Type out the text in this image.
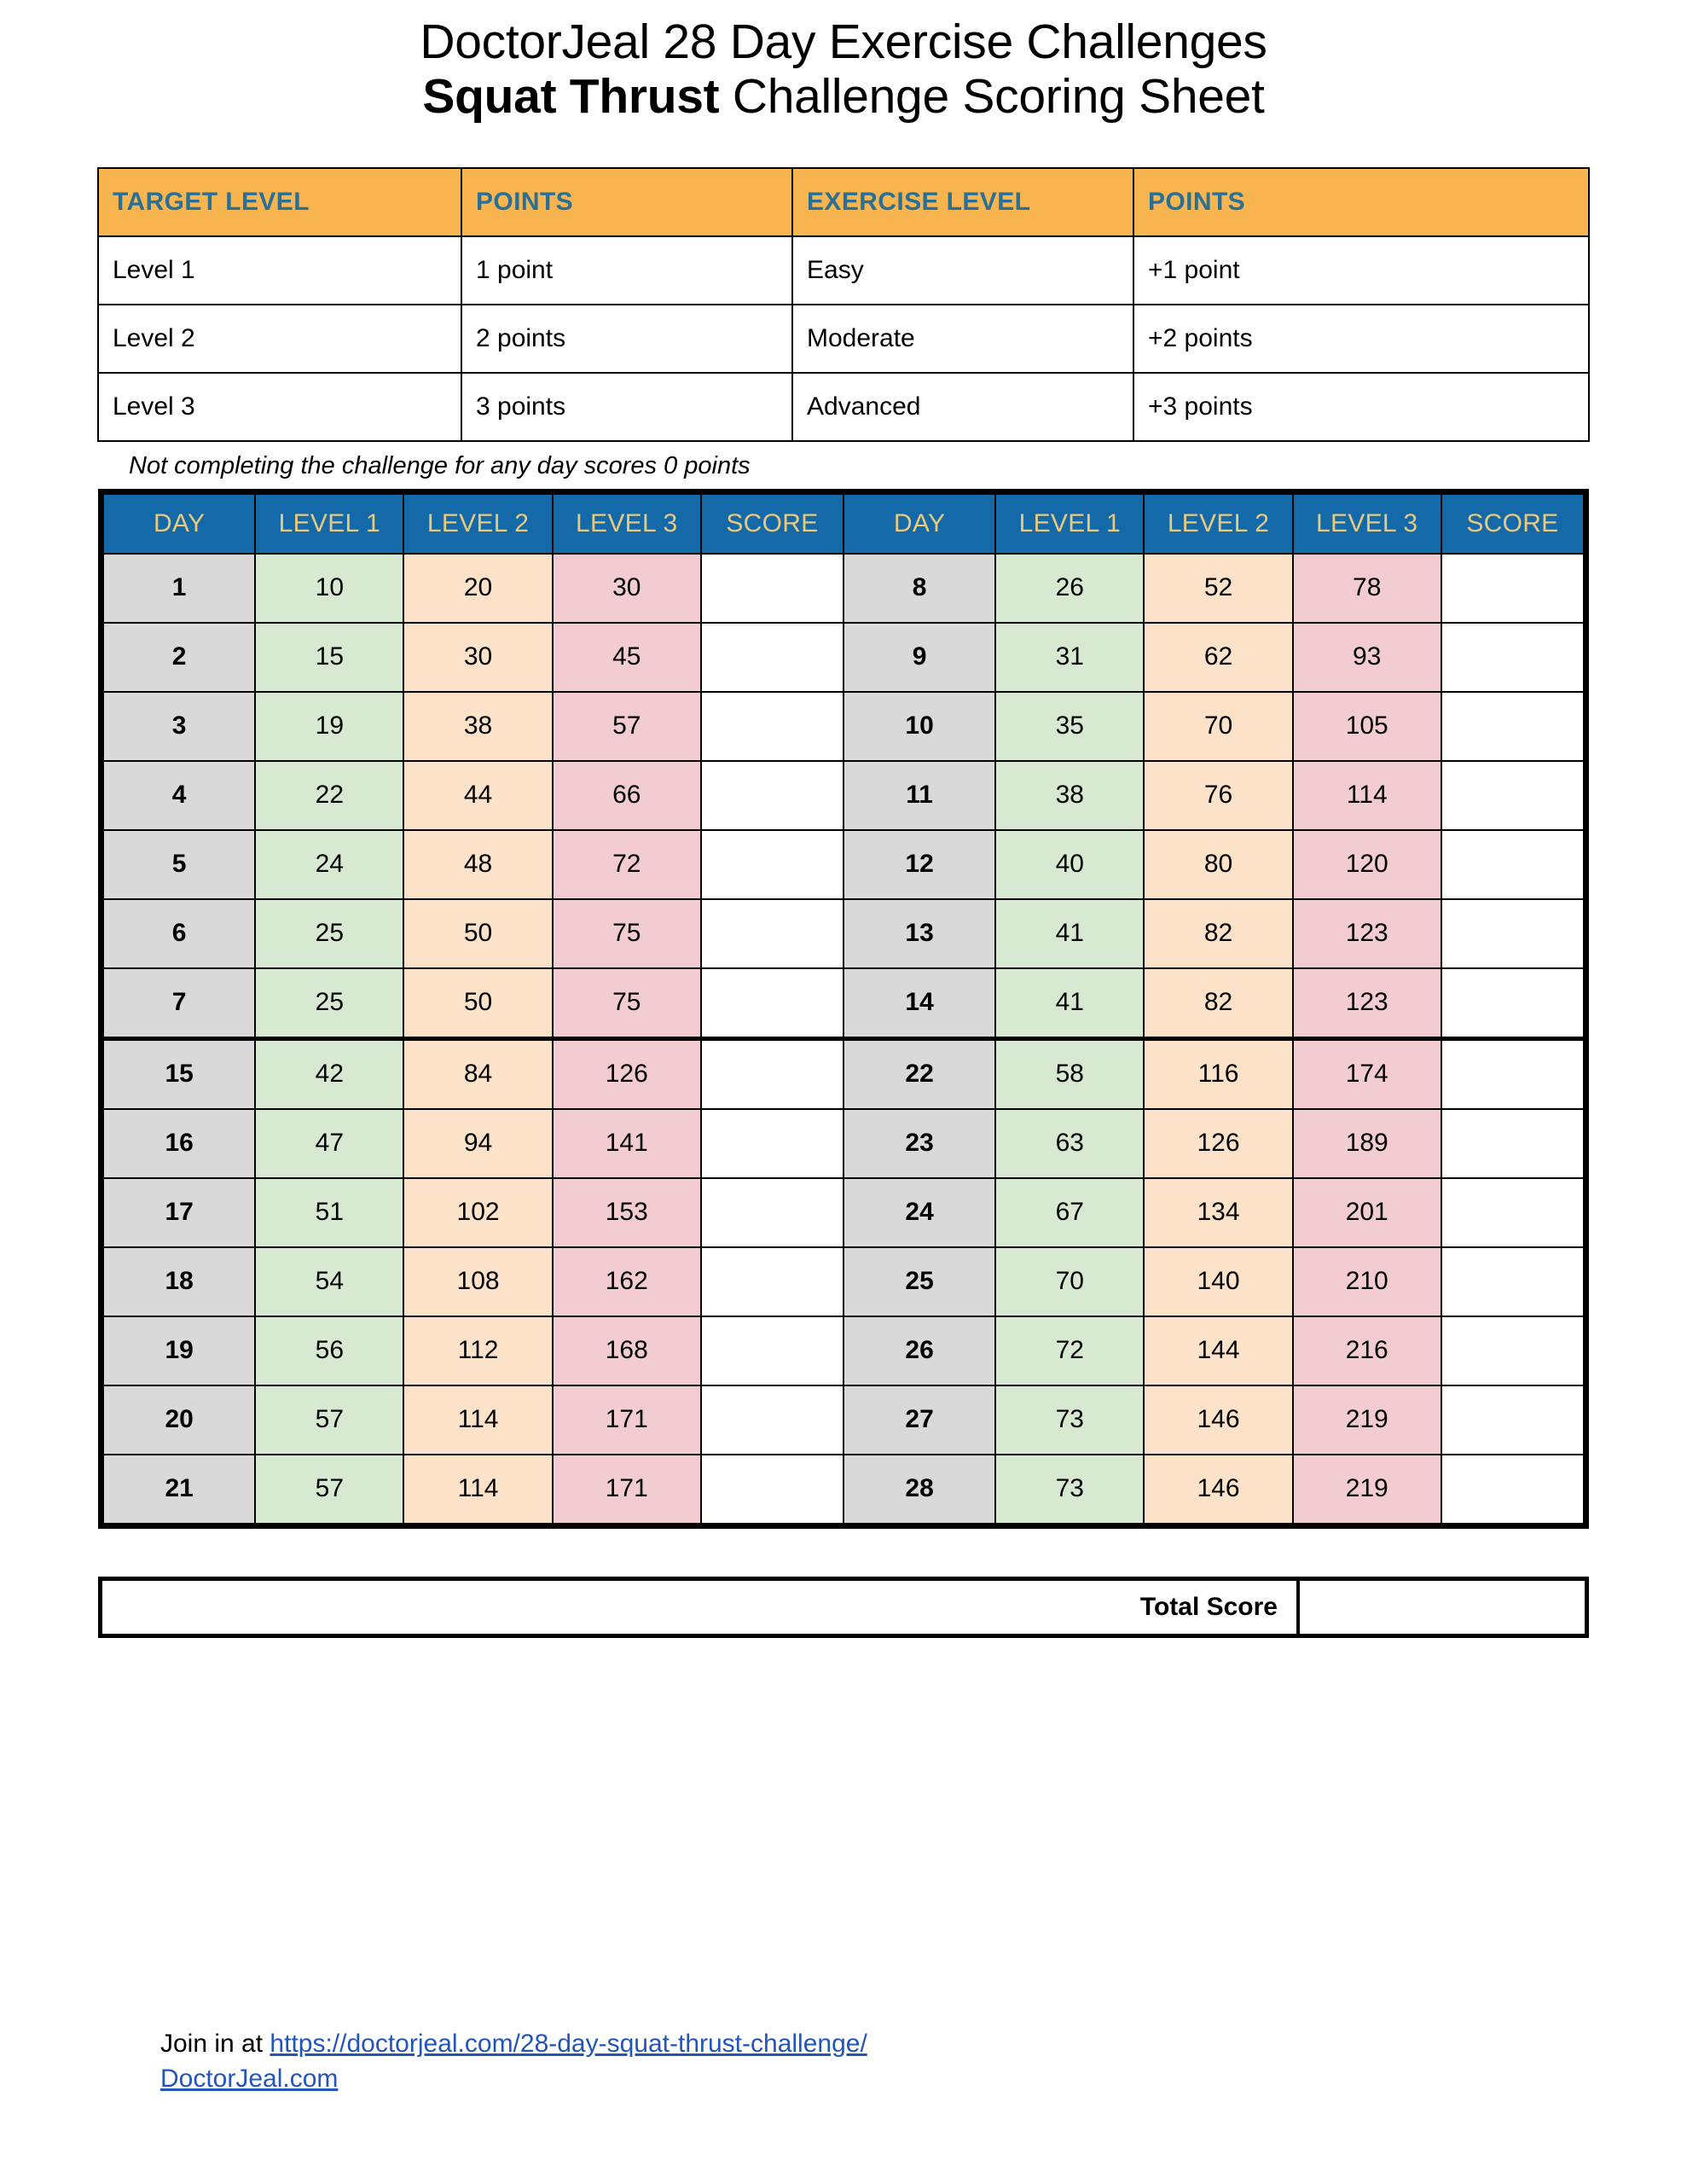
DoctorJeal 28 Day Exercise Challenges
Squat Thrust Challenge Scoring Sheet
TARGET LEVEL	POINTS	EXERCISE LEVEL	POINTS
Level 1	1 point	Easy	+1 point
Level 2	2 points	Moderate	+2 points
Level 3	3 points	Advanced	+3 points
Not completing the challenge for any day scores 0 points
DAY	LEVEL 1	LEVEL 2	LEVEL 3	SCORE	DAY	LEVEL 1	LEVEL 2	LEVEL 3	SCORE
1	10	20	30		8	26	52	78	
2	15	30	45		9	31	62	93	
3	19	38	57		10	35	70	105	
4	22	44	66		11	38	76	114	
5	24	48	72		12	40	80	120	
6	25	50	75		13	41	82	123	
7	25	50	75		14	41	82	123	
15	42	84	126		22	58	116	174	
16	47	94	141		23	63	126	189	
17	51	102	153		24	67	134	201	
18	54	108	162		25	70	140	210	
19	56	112	168		26	72	144	216	
20	57	114	171		27	73	146	219	
21	57	114	171		28	73	146	219	
Total Score
Join in at https://doctorjeal.com/28-day-squat-thrust-challenge/
DoctorJeal.com
